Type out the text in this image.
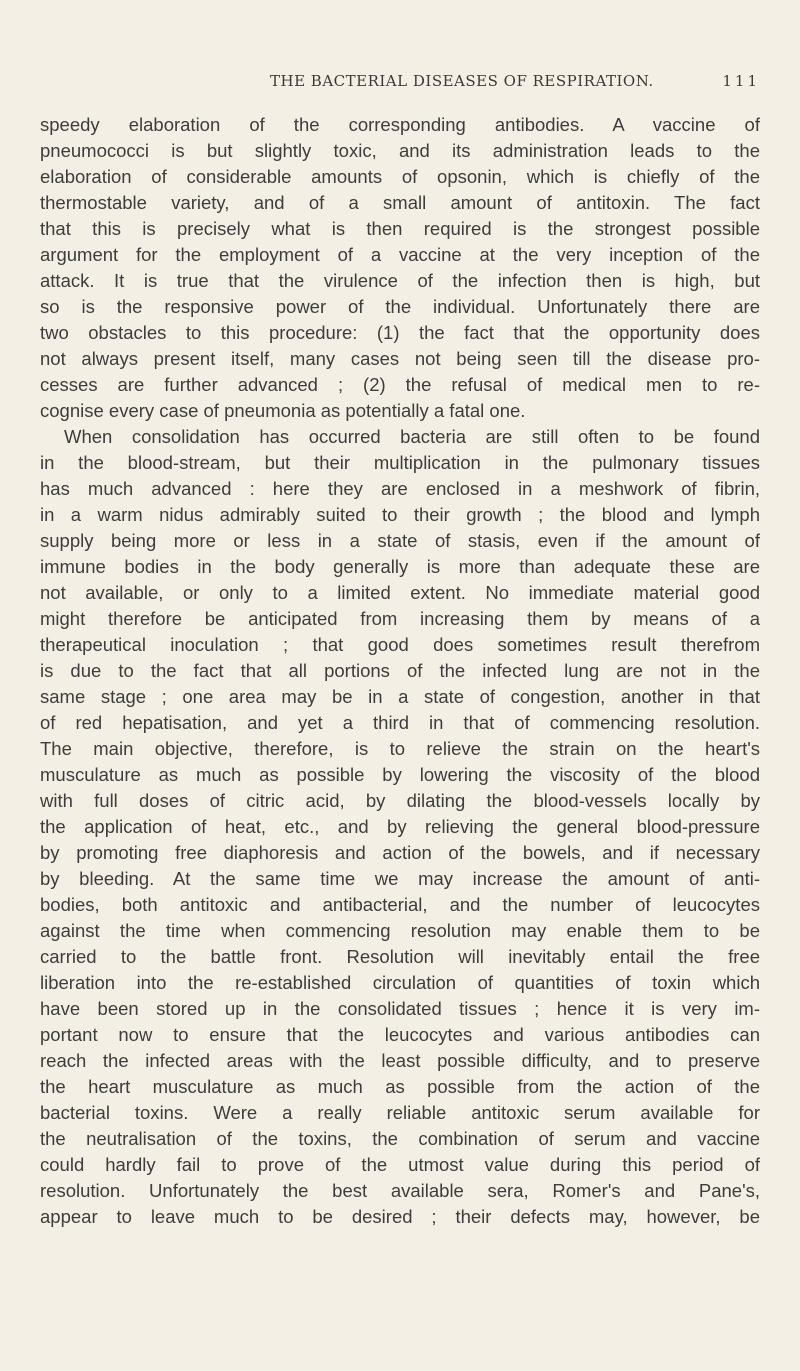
THE BACTERIAL DISEASES OF RESPIRATION.	111
speedy elaboration of the corresponding antibodies. A vaccine of
pneumococci is but slightly toxic, and its administration leads to the
elaboration of considerable amounts of opsonin, which is chiefly of the
thermostable variety, and of a small amount of antitoxin. The fact
that this is precisely what is then required is the strongest possible
argument for the employment of a vaccine at the very inception of the
attack. It is true that the virulence of the infection then is high, but
so is the responsive power of the individual. Unfortunately there are
two obstacles to this procedure: (1) the fact that the opportunity does
not always present itself, many cases not being seen till the disease pro-
cesses are further advanced ; (2) the refusal of medical men to re-
cognise every case of pneumonia as potentially a fatal one.
When consolidation has occurred bacteria are still often to be found
in the blood-stream, but their multiplication in the pulmonary tissues
has much advanced : here they are enclosed in a meshwork of fibrin,
in a warm nidus admirably suited to their growth ; the blood and lymph
supply being more or less in a state of stasis, even if the amount of
immune bodies in the body generally is more than adequate these are
not available, or only to a limited extent. No immediate material good
might therefore be anticipated from increasing them by means of a
therapeutical inoculation ; that good does sometimes result therefrom
is due to the fact that all portions of the infected lung are not in the
same stage ; one area may be in a state of congestion, another in that
of red hepatisation, and yet a third in that of commencing resolution.
The main objective, therefore, is to relieve the strain on the heart's
musculature as much as possible by lowering the viscosity of the blood
with full doses of citric acid, by dilating the blood-vessels locally by
the application of heat, etc., and by relieving the general blood-pressure
by promoting free diaphoresis and action of the bowels, and if necessary
by bleeding. At the same time we may increase the amount of anti-
bodies, both antitoxic and antibacterial, and the number of leucocytes
against the time when commencing resolution may enable them to be
carried to the battle front. Resolution will inevitably entail the free
liberation into the re-established circulation of quantities of toxin which
have been stored up in the consolidated tissues ; hence it is very im-
portant now to ensure that the leucocytes and various antibodies can
reach the infected areas with the least possible difficulty, and to preserve
the heart musculature as much as possible from the action of the
bacterial toxins. Were a really reliable antitoxic serum available for
the neutralisation of the toxins, the combination of serum and vaccine
could hardly fail to prove of the utmost value during this period of
resolution. Unfortunately the best available sera, Romer's and Pane's,
appear to leave much to be desired ; their defects may, however, be
